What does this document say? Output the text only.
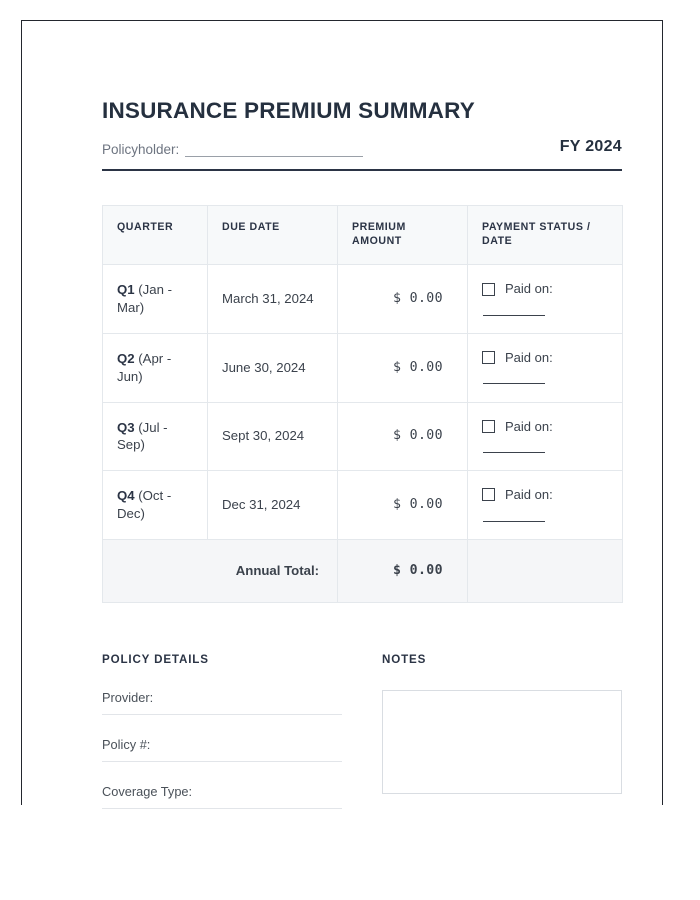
INSURANCE PREMIUM SUMMARY
Policyholder:	FY 2024
QUARTER	DUE DATE	PREMIUM AMOUNT	PAYMENT STATUS / DATE
Q1 (Jan - Mar)	March 31, 2024	$ 0.00	Paid on:

Q2 (Apr - Jun)	June 30, 2024	$ 0.00	Paid on:

Q3 (Jul - Sep)	Sept 30, 2024	$ 0.00	Paid on:

Q4 (Oct - Dec)	Dec 31, 2024	$ 0.00	Paid on:

Annual Total:		$ 0.00	
POLICY DETAILS
Provider:
Policy #:
Coverage Type:
NOTES
